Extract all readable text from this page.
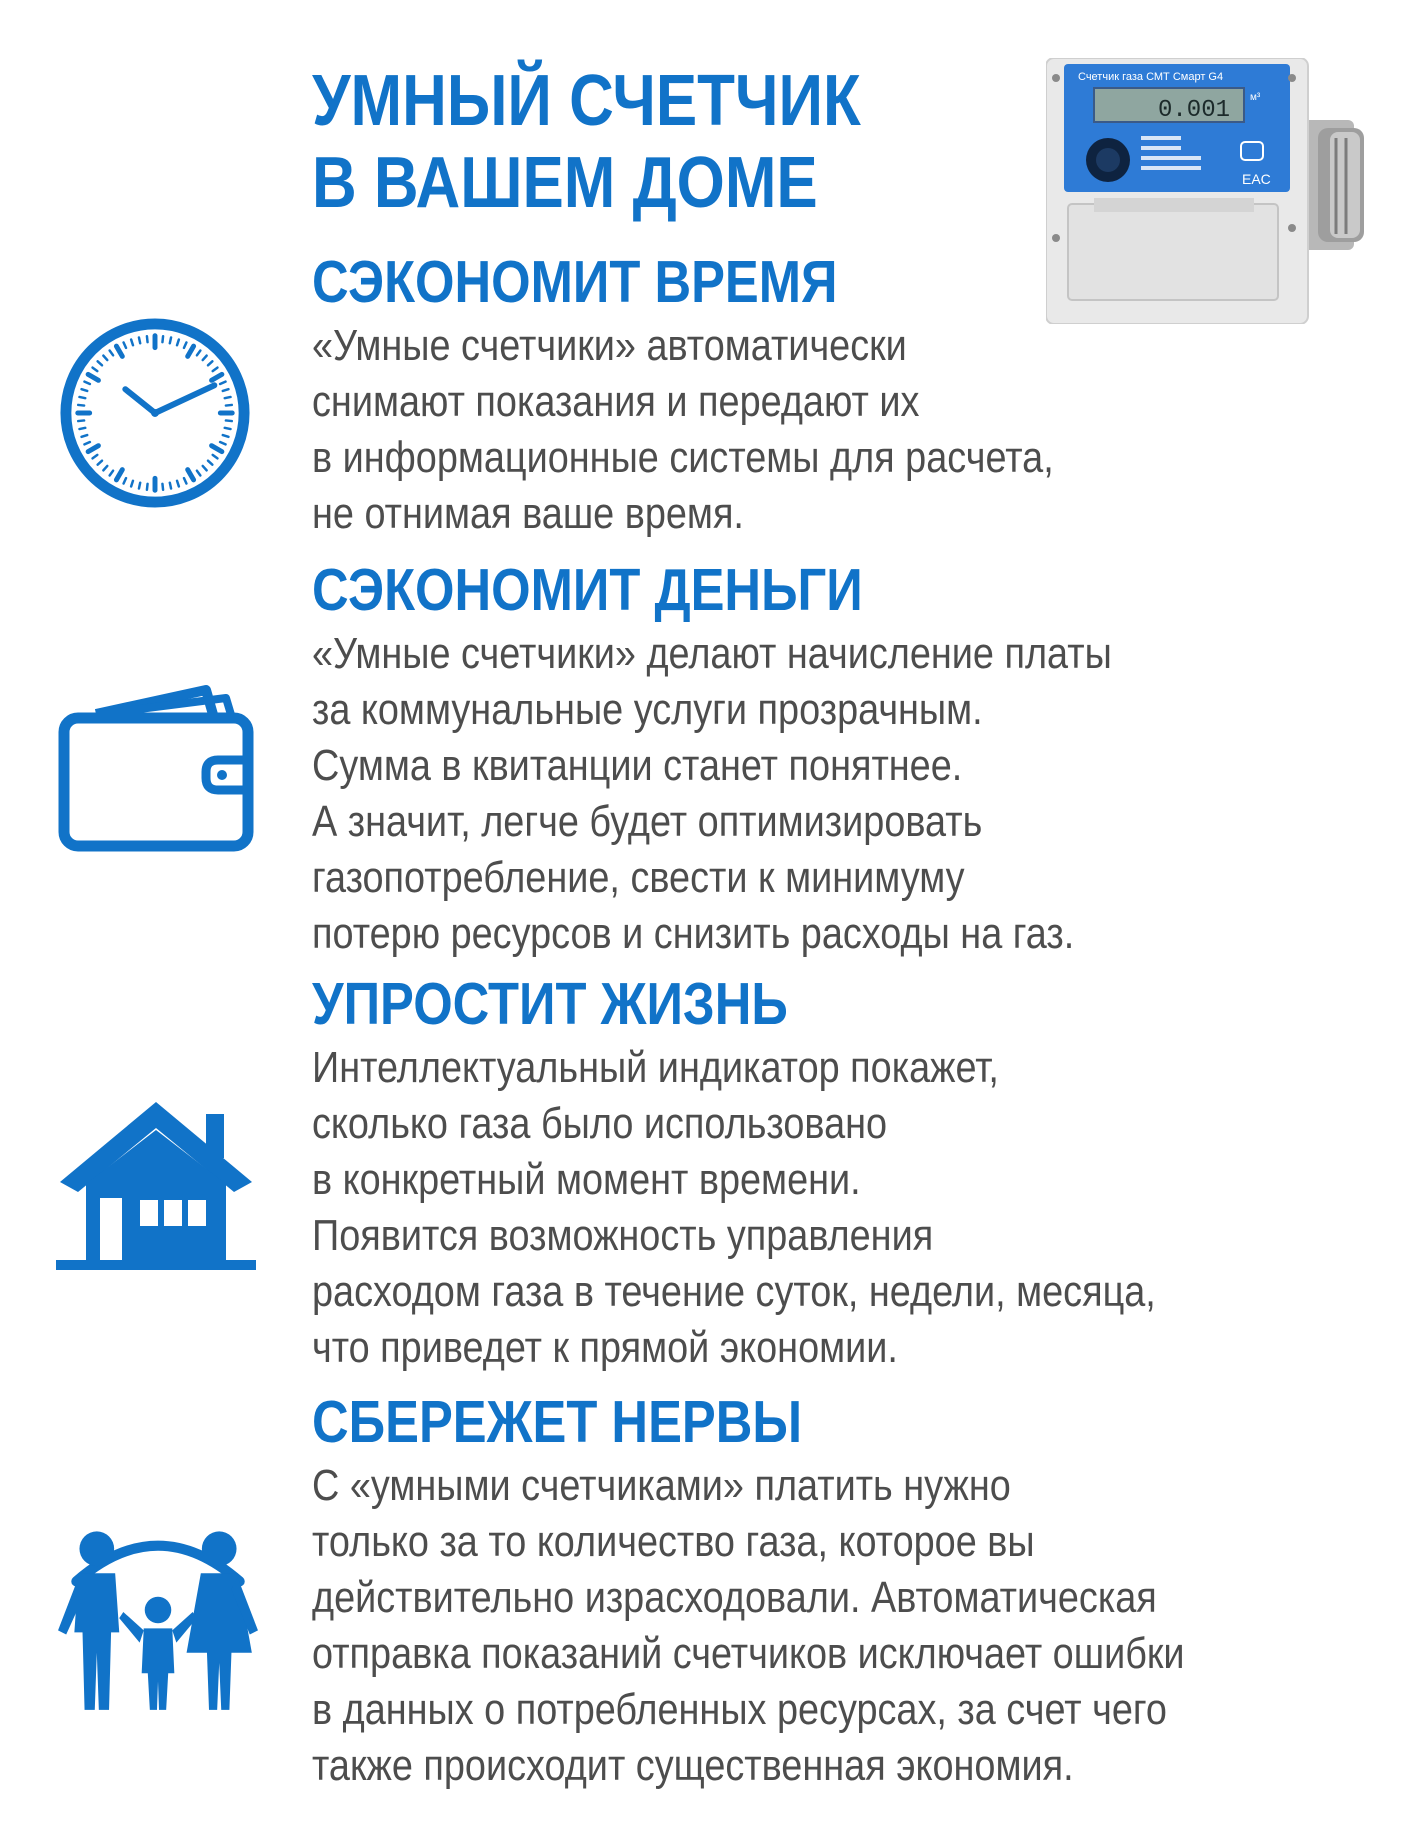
УМНЫЙ СЧЕТЧИК
В ВАШЕМ ДОМЕ
Счетчик газа СМТ Смарт G4
0.001 м³
EAC
СЭКОНОМИТ ВРЕМЯ

«Умные счетчики» автоматически
снимают показания и передают их
в информационные системы для расчета,
не отнимая ваше время.

СЭКОНОМИТ ДЕНЬГИ

«Умные счетчики» делают начисление платы
за коммунальные услуги прозрачным.
Сумма в квитанции станет понятнее.
А значит, легче будет оптимизировать
газопотребление, свести к минимуму
потерю ресурсов и снизить расходы на газ.

УПРОСТИТ ЖИЗНЬ

Интеллектуальный индикатор покажет,
сколько газа было использовано
в конкретный момент времени.
Появится возможность управления
расходом газа в течение суток, недели, месяца,
что приведет к прямой экономии.

СБЕРЕЖЕТ НЕРВЫ

С «умными счетчиками» платить нужно
только за то количество газа, которое вы
действительно израсходовали. Автоматическая
отправка показаний счетчиков исключает ошибки
в данных о потребленных ресурсах, за счет чего
также происходит существенная экономия.
